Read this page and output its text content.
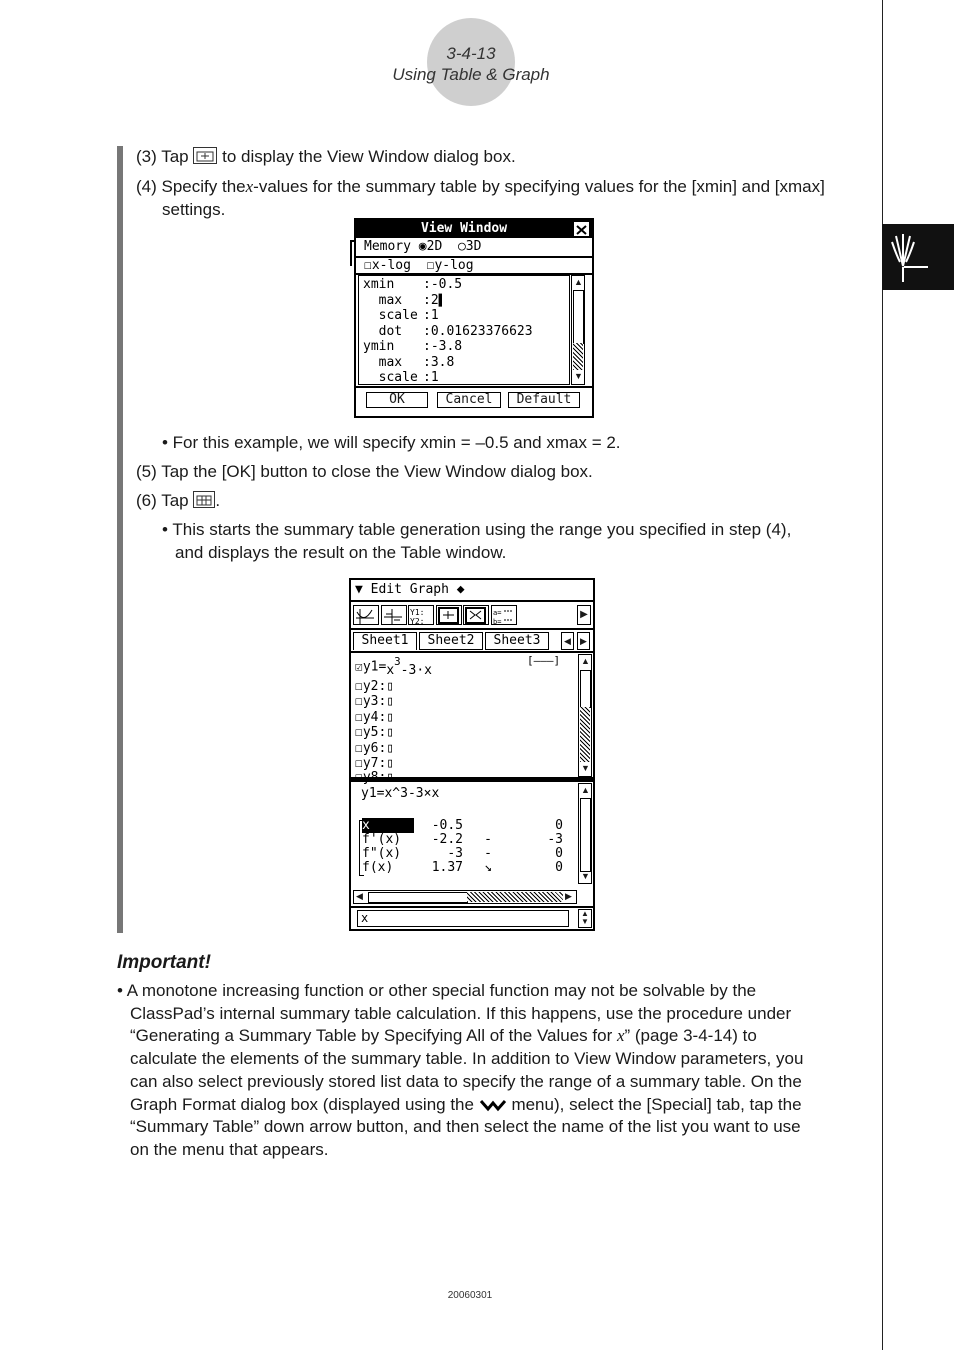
3-4-13
Using Table & Graph
(3) Tap to display the View Window dialog box.
(4) Specify thex-values for the summary table by specifying values for the [xmin] and [xmax]
settings.
View Window
Memory ◉2D ○3D
☐x-log ☐y-log
xmin :-0.5
max :2▌
scale :1
dot :0.01623376623
ymin :-3.8
max :3.8
scale :1
▲
▼
OK	Cancel	Default
• For this example, we will specify xmin = –0.5 and xmax = 2.
(5) Tap the [OK] button to close the View Window dialog box.
(6) Tap .
• This starts the summary table generation using the range you specified in step (4),
and displays the result on the Table window.
▼ Edit Graph ◆
Y1:
Y2:
a=
b=
▶
Sheet1	Sheet2	Sheet3	◀	▶
$☑y1=x^3-3\cdot x$
☐y2:▯
☐y3:▯
☐y4:▯
☐y5:▯
☐y6:▯
☐y7:▯
[———] ▲
▼
y1=x^3-3×x
x	-0.5	0
f'(x)	-2.2 -	-3
f"(x)	-3 -	0
f(x)	1.37 ↘	0
▲
▼
◀	▶
x	▲
▼
Important!
• A monotone increasing function or other special function may not be solvable by the
ClassPad’s internal summary table calculation. If this happens, use the procedure under
“Generating a Summary Table by Specifying All of the Values for x” (page 3-4-14) to
calculate the elements of the summary table. In addition to View Window parameters, you
can also select previously stored list data to specify the range of a summary table. On the
Graph Format dialog box (displayed using the menu), select the [Special] tab, tap the
“Summary Table” down arrow button, and then select the name of the list you want to use
on the menu that appears.
20060301
